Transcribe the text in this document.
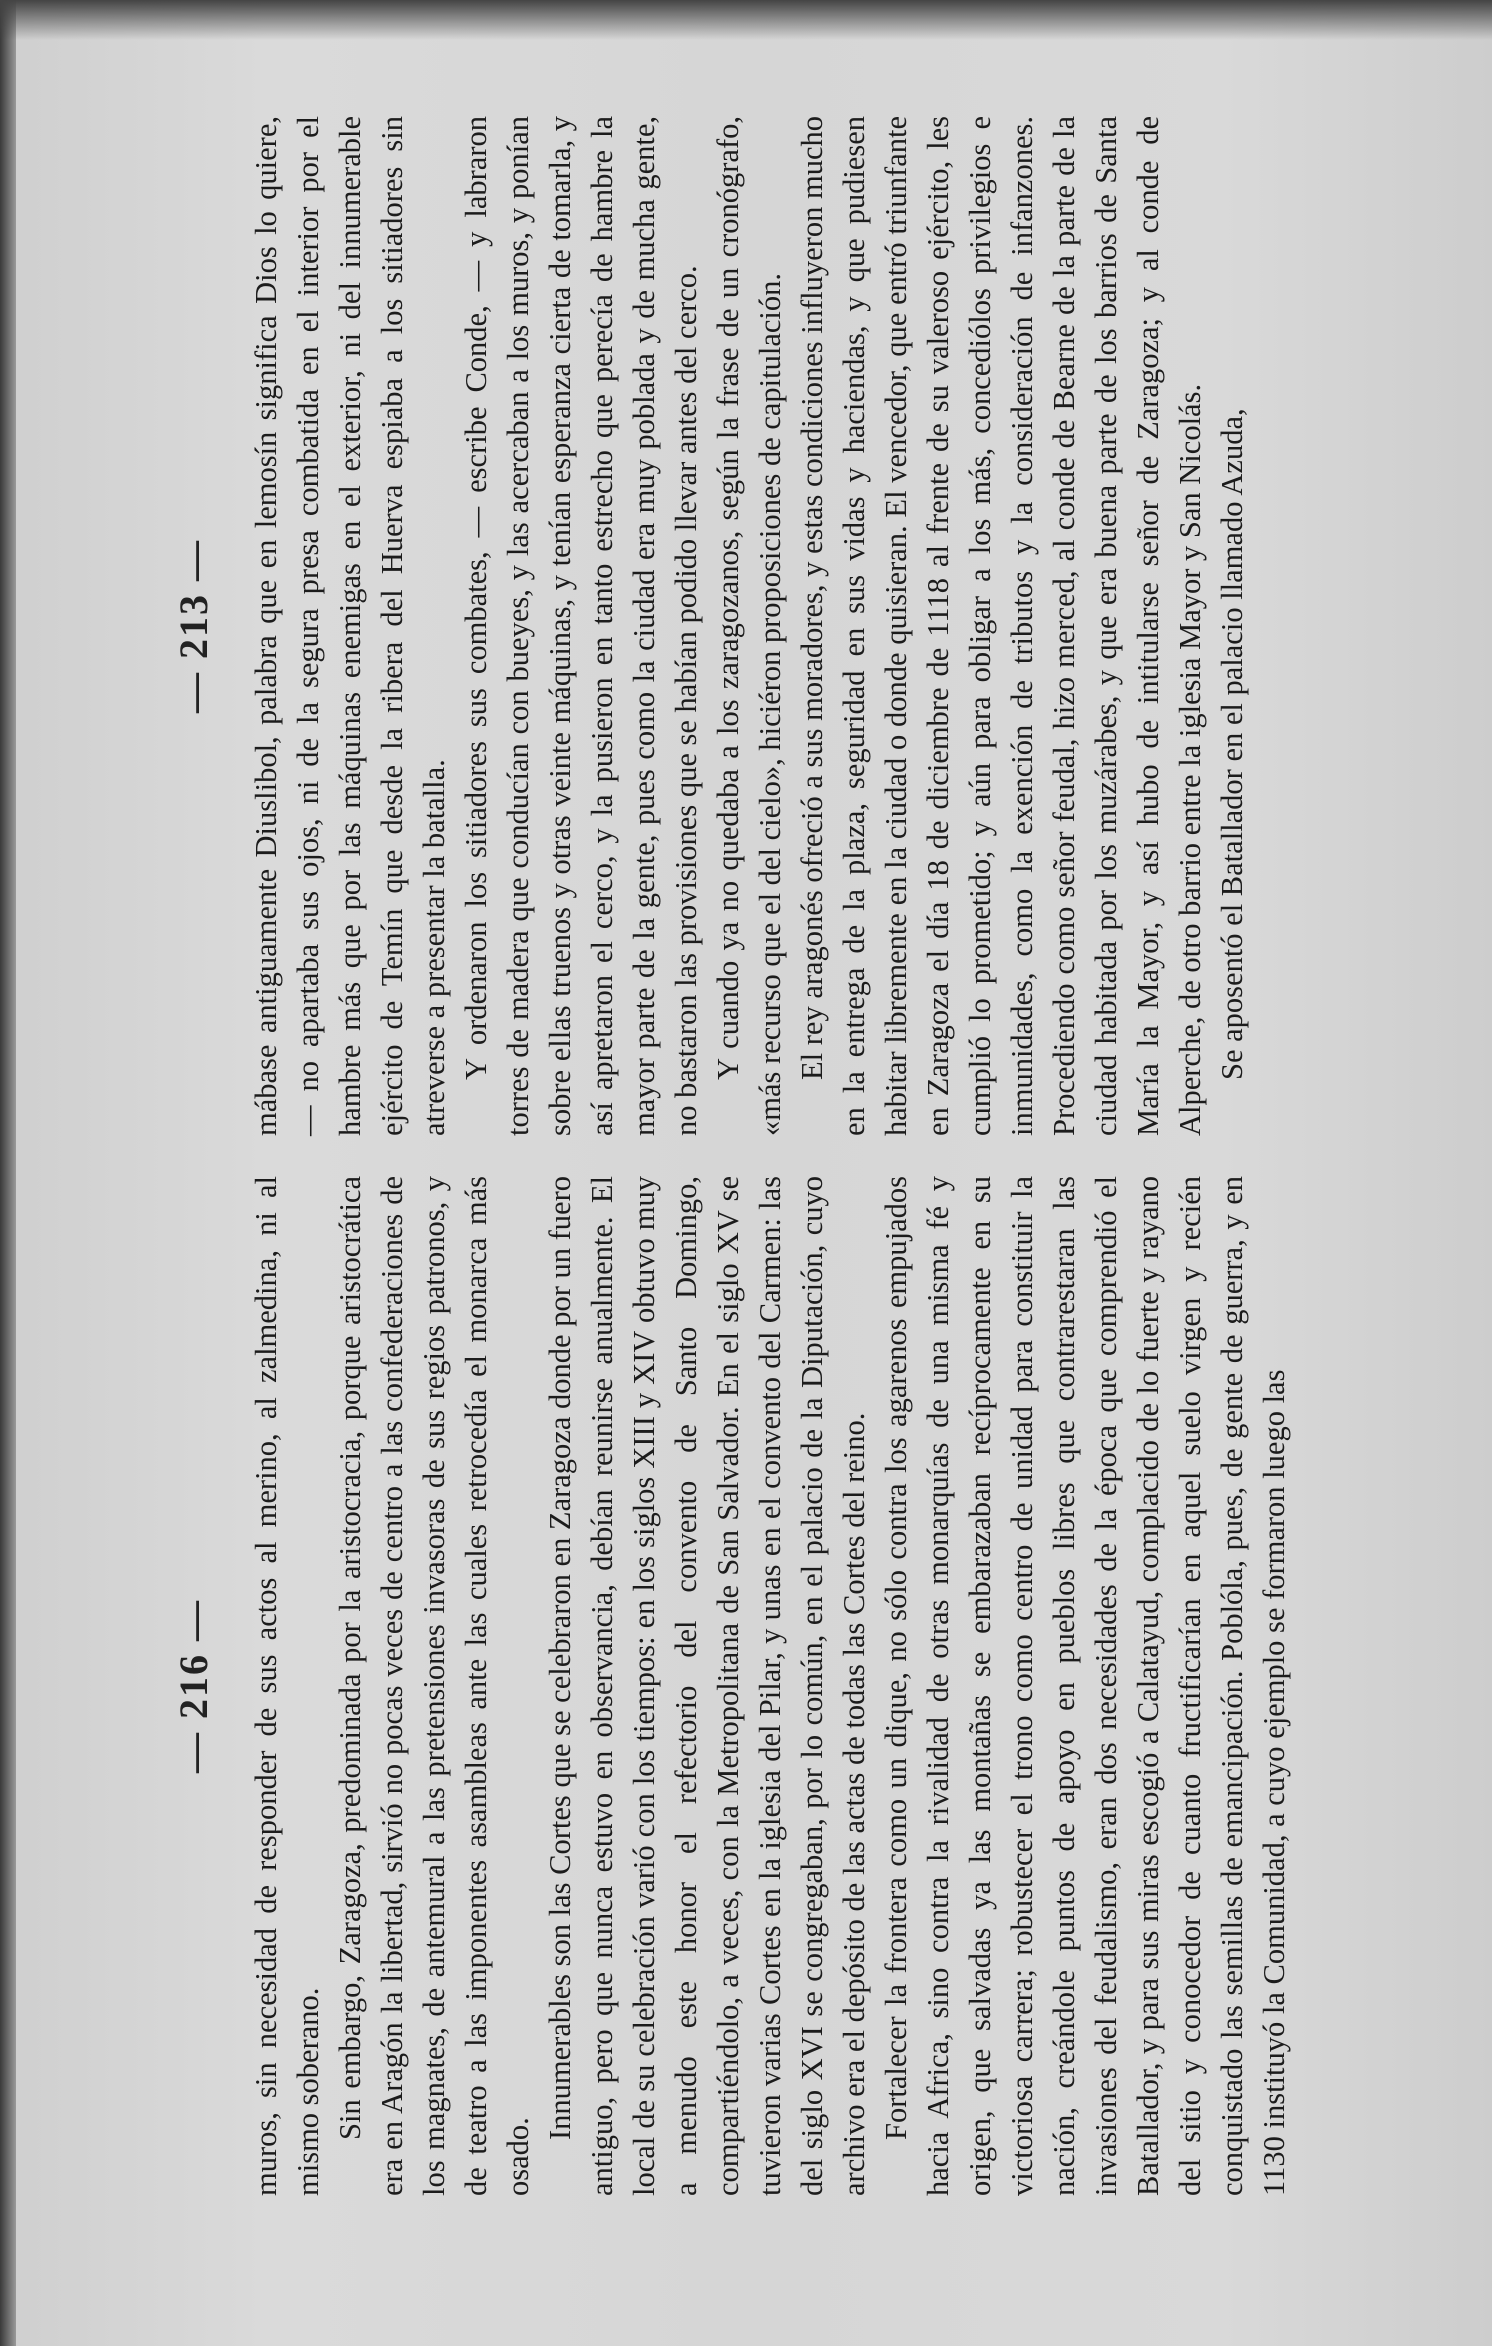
— 216 — muros, sin necesidad de responder de sus actos al merino, al zalmedina, ni al mismo soberano. Sin embargo, Zaragoza, predominada por la aristocracia, porque aristocrática era en Aragón la libertad, sirvió no pocas veces de centro a las confederaciones de los magnates, de antemural a las pretensiones invasoras de sus regios patronos, y de teatro a las imponentes asambleas ante las cuales retrocedía el monarca más osado.

Innumerables son las Cortes que se celebraron en Zaragoza donde por un fuero antiguo, pero que nunca estuvo en observancia, debían reunirse anualmente. El local de su celebración varió con los tiempos: en los siglos XIII y XIV obtuvo muy a menudo este honor el refectorio del convento de Santo Domingo, compartiéndolo, a veces, con la Metropolitana de San Salvador. En el siglo XV se tuvieron varias Cortes en la iglesia del Pilar, y unas en el convento del Carmen: las del siglo XVI se congregaban, por lo común, en el palacio de la Diputación, cuyo archivo era el depósito de las actas de todas las Cortes del reino. Fortalecer la frontera como un dique, no sólo contra los agarenos empujados hacia Africa, sino contra la rivalidad de otras monarquías de una misma fé y origen, que salvadas ya las montañas se embarazaban recíprocamente en su victoriosa carrera; robustecer el trono como centro de unidad para constituir la nación, creándole puntos de apoyo en pueblos libres que contrarestaran las invasiones del feudalismo, eran dos necesidades de la época que comprendió el Batallador, y para sus miras escogió a Calatayud, complacido de lo fuerte y rayano del sitio y conocedor de cuanto fructificarían en aquel suelo virgen y recién conquistado las semillas de emancipación. Poblóla, pues, de gente de guerra, y en 1130 instituyó la Comunidad, a cuyo ejemplo se formaron luego las

— 213 — mábase antiguamente Diuslibol, palabra que en lemosín significa Dios lo quiere, — no apartaba sus ojos, ni de la segura presa combatida en el interior por el hambre más que por las máquinas enemigas en el exterior, ni del innumerable ejército de Temín que desde la ribera del Huerva espiaba a los sitiadores sin atreverse a presentar la batalla. Y ordenaron los sitiadores sus combates, — escribe Conde, — y labraron torres de madera que conducían con bueyes, y las acercaban a los muros, y ponían sobre ellas truenos y otras veinte máquinas, y tenían esperanza cierta de tomarla, y así apretaron el cerco, y la pusieron en tanto estrecho que perecía de hambre la mayor parte de la gente, pues como la ciudad era muy poblada y de mucha gente, no bastaron las provisiones que se habían podido llevar antes del cerco. Y cuando ya no quedaba a los zaragozanos, según la frase de un cronógrafo, «más recurso que el del cielo», hiciéron proposiciones de capitulación. El rey aragonés ofreció a sus moradores, y estas condiciones influyeron mucho en la entrega de la plaza, seguridad en sus vidas y haciendas, y que pudiesen habitar libremente en la ciudad o donde quisieran. El vencedor, que entró triunfante en Zaragoza el día 18 de diciembre de 1118 al frente de su valeroso ejército, les cumplió lo prometido; y aún para obligar a los más, concediólos privilegios e inmunidades, como la exención de tributos y la consideración de infanzones. Procediendo como señor feudal, hizo merced, al conde de Bearne de la parte de la ciudad habitada por los muzárabes, y que era buena parte de los barrios de Santa María la Mayor, y así hubo de intitularse señor de Zaragoza; y al conde de Alperche, de otro barrio entre la iglesia Mayor y San Nicolás. Se aposentó el Batallador en el palacio llamado Azuda,
